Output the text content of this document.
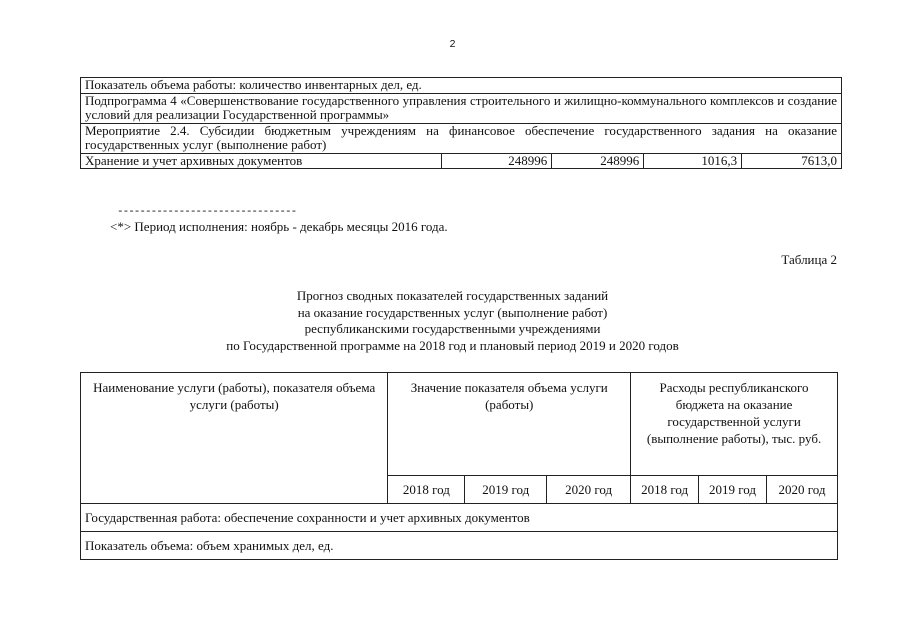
2
Показатель объема работы: количество инвентарных дел, ед.
Подпрограмма 4 «Совершенствование государственного управления строительного и жилищно-коммунального комплексов и создание условий для реализации Государственной программы»
Мероприятие 2.4. Субсидии бюджетным учреждениям на финансовое обеспечение государственного задания на оказание государственных услуг (выполнение работ)
Хранение и учет архивных документов	248996	248996	1016,3	7613,0
--------------------------------
<*> Период исполнения: ноябрь - декабрь месяцы 2016 года.
Таблица 2
Прогноз сводных показателей государственных заданий
на оказание государственных услуг (выполнение работ)
республиканскими государственными учреждениями
по Государственной программе на 2018 год и плановый период 2019 и 2020 годов
Наименование услуги (работы), показателя объема услуги (работы)	Значение показателя объема услуги (работы)			Расходы республиканского бюджета на оказание государственной услуги (выполнение работы), тыс. руб.		
	2018 год	2019 год	2020 год	2018 год	2019 год	2020 год
Государственная работа: обеспечение сохранности и учет архивных документов						
Показатель объема: объем хранимых дел, ед.						
